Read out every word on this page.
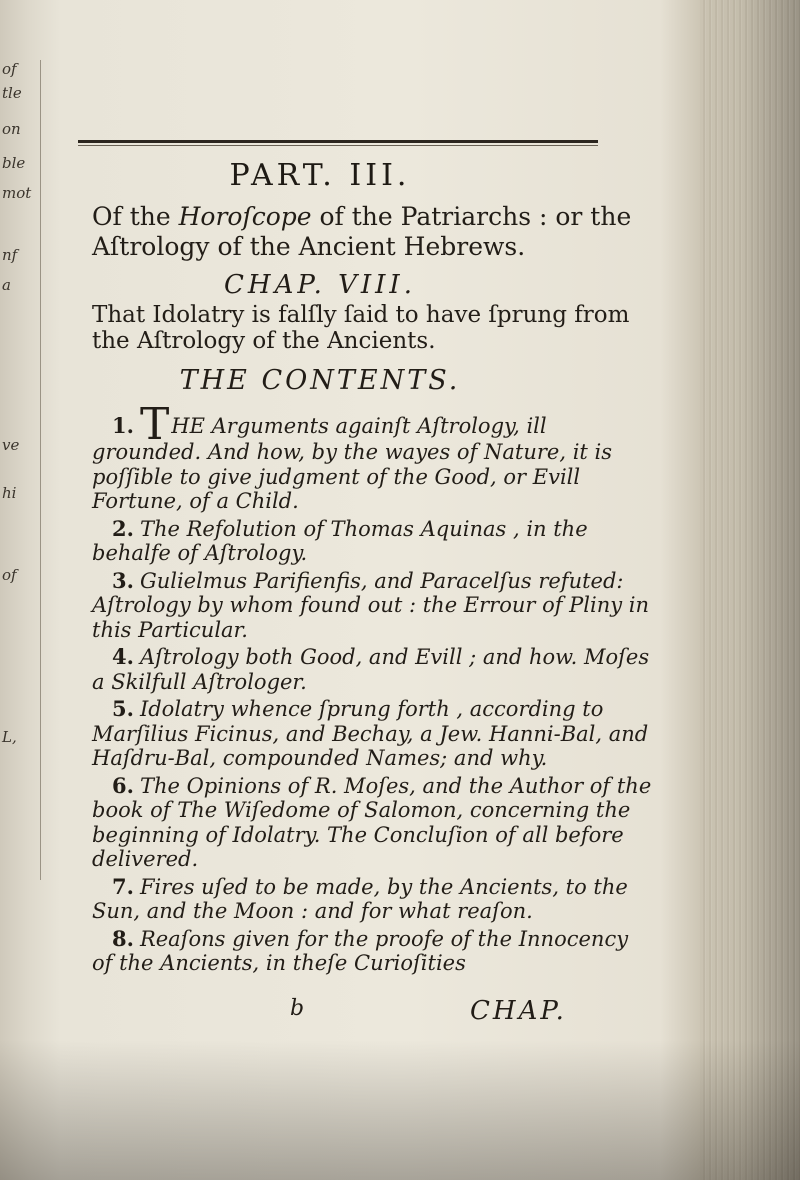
of
tle
on
ble
mot
nf
a
ve
hi
of
L,
PART. III.
Of the Horoſcope of the Patriarchs : or the Aſtrology of the Ancient Hebrews.
CHAP. VIII.
That Idolatry is falſly ſaid to have ſprung from the Aſtrology of the Ancients.
THE CONTENTS.

1. THE Arguments againſt Aſtrology, ill grounded. And how, by the wayes of Nature, it is poſſible to give judgment of the Good, or Evill Fortune, of a Child.

2. The Refolution of Thomas Aquinas , in the behalfe of Aſtrology.

3. Gulielmus Parifienfis, and Paracelſus refuted: Aſtrology by whom found out : the Errour of Pliny in this Particular.

4. Aſtrology both Good, and Evill ; and how. Moſes a Skilfull Aſtrologer.

5. Idolatry whence ſprung forth , according to Marſilius Ficinus, and Bechay, a Jew. Hanni-Bal, and Haſdru-Bal, compounded Names; and why.

6. The Opinions of R. Moſes, and the Author of the book of The Wiſedome of Salomon, concerning the beginning of Idolatry. The Concluſion of all before delivered.

7. Fires uſed to be made, by the Ancients, to the Sun, and the Moon : and for what reaſon.

8. Reaſons given for the proofe of the Innocency of the Ancients, in theſe Curioſities

b	CHAP.
